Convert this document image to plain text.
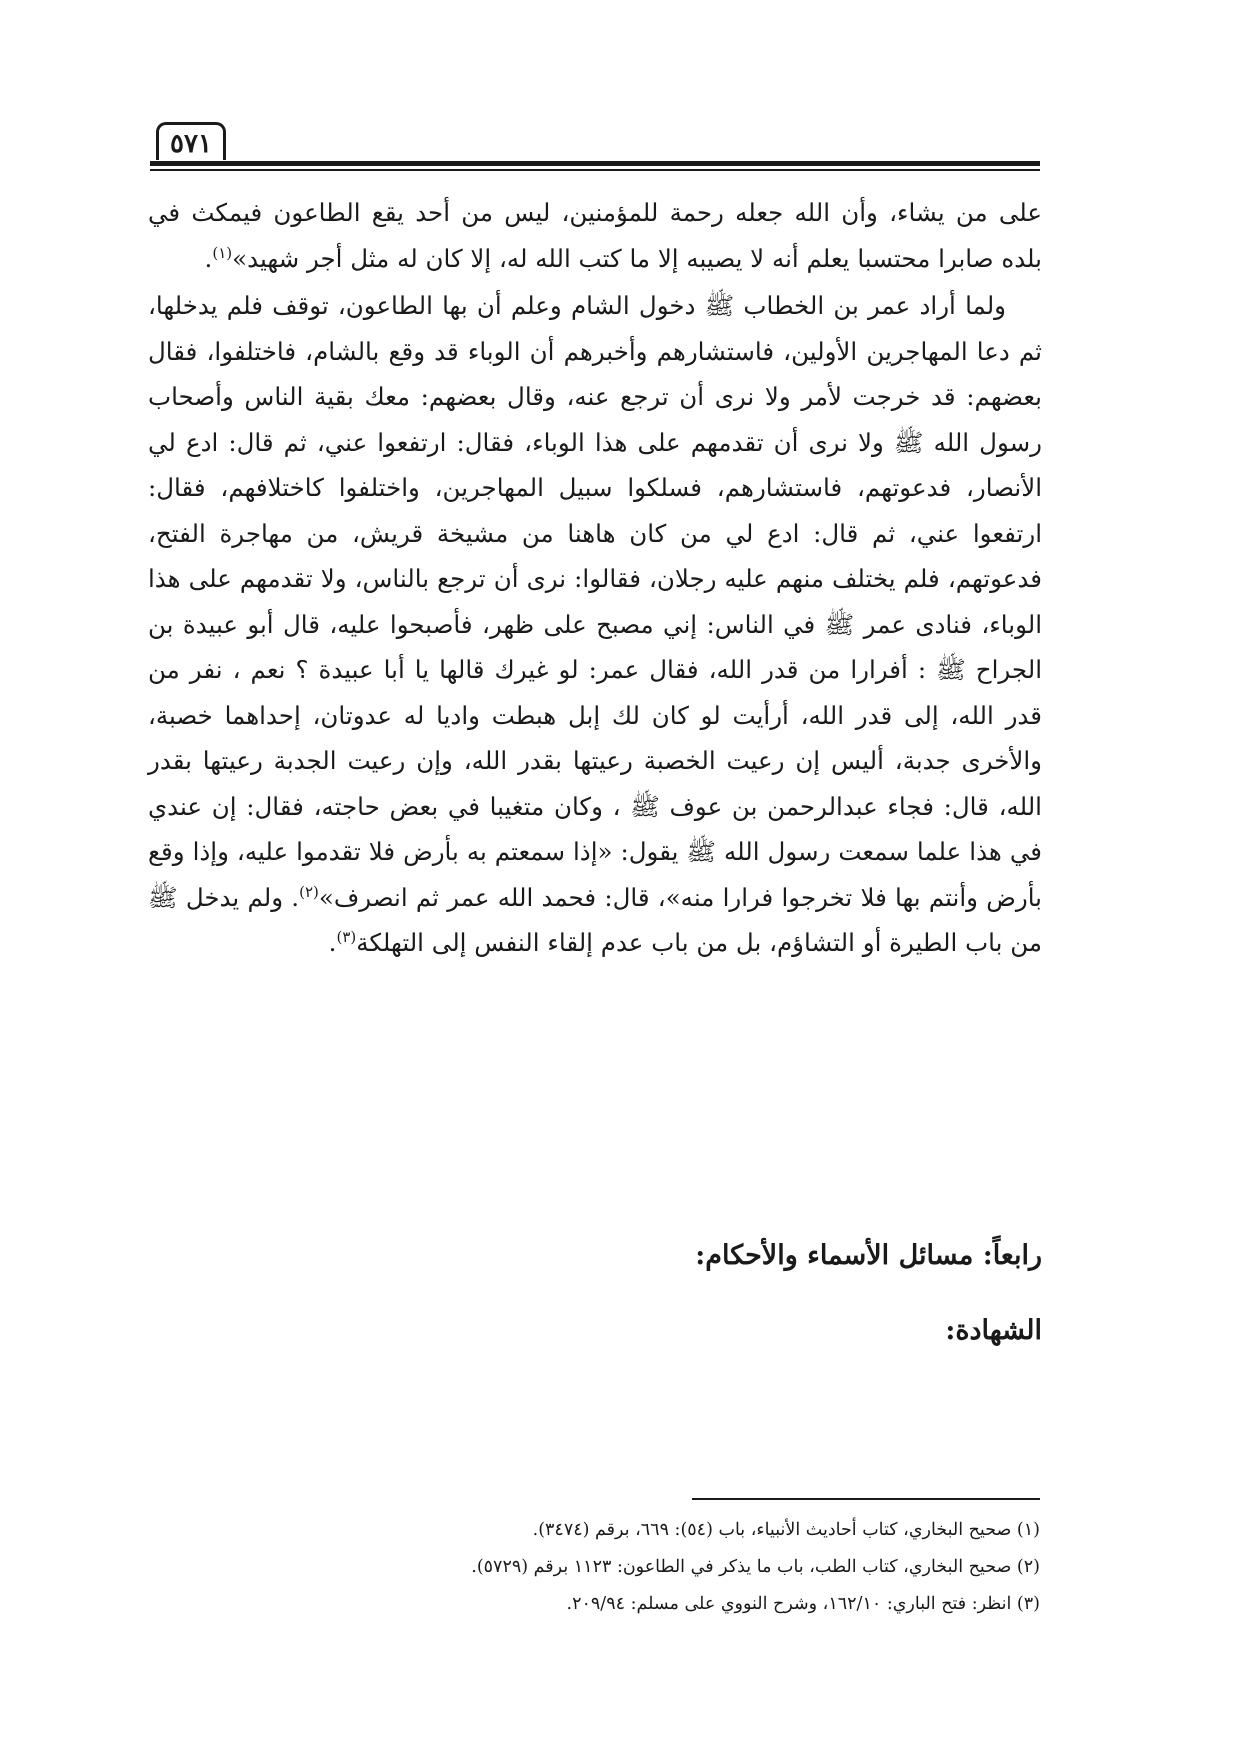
٥٧١

على من يشاء، وأن الله جعله رحمة للمؤمنين، ليس من أحد يقع الطاعون فيمكث في بلده صابرا محتسبا يعلم أنه لا يصيبه إلا ما كتب الله له، إلا كان له مثل أجر شهيد»$^{(١)}$.

ولما أراد عمر بن الخطاب ﷺ دخول الشام وعلم أن بها الطاعون، توقف فلم يدخلها، ثم دعا المهاجرين الأولين، فاستشارهم وأخبرهم أن الوباء قد وقع بالشام، فاختلفوا، فقال بعضهم: قد خرجت لأمر ولا نرى أن ترجع عنه، وقال بعضهم: معك بقية الناس وأصحاب رسول الله ﷺ ولا نرى أن تقدمهم على هذا الوباء، فقال: ارتفعوا عني، ثم قال: ادع لي الأنصار، فدعوتهم، فاستشارهم، فسلكوا سبيل المهاجرين، واختلفوا كاختلافهم، فقال: ارتفعوا عني، ثم قال: ادع لي من كان هاهنا من مشيخة قريش، من مهاجرة الفتح، فدعوتهم، فلم يختلف منهم عليه رجلان، فقالوا: نرى أن ترجع بالناس، ولا تقدمهم على هذا الوباء، فنادى عمر ﷺ في الناس: إني مصبح على ظهر، فأصبحوا عليه، قال أبو عبيدة بن الجراح ﷺ : أفرارا من قدر الله، فقال عمر: لو غيرك قالها يا أبا عبيدة ؟ نعم ، نفر من قدر الله، إلى قدر الله، أرأيت لو كان لك إبل هبطت واديا له عدوتان، إحداهما خصبة، والأخرى جدبة، أليس إن رعيت الخصبة رعيتها بقدر الله، وإن رعيت الجدبة رعيتها بقدر الله، قال: فجاء عبدالرحمن بن عوف ﷺ ، وكان متغيبا في بعض حاجته، فقال: إن عندي في هذا علما سمعت رسول الله ﷺ يقول: «إذا سمعتم به بأرض فلا تقدموا عليه، وإذا وقع بأرض وأنتم بها فلا تخرجوا فرارا منه»، قال: فحمد الله عمر ثم انصرف»$^{(٢)}$. ولم يدخل ﷺ من باب الطيرة أو التشاؤم، بل من باب عدم إلقاء النفس إلى التهلكة$^{(٣)}$.

رابعاً: مسائل الأسماء والأحكام:
الشهادة:
(١) صحيح البخاري، كتاب أحاديث الأنبياء، باب (٥٤): ٦٦٩، برقم (٣٤٧٤).
(٢) صحيح البخاري، كتاب الطب، باب ما يذكر في الطاعون: ١١٢٣ برقم (٥٧٢٩).
(٣) انظر: فتح الباري: ١٦٢/١٠، وشرح النووي على مسلم: ٢٠٩/٩٤.
